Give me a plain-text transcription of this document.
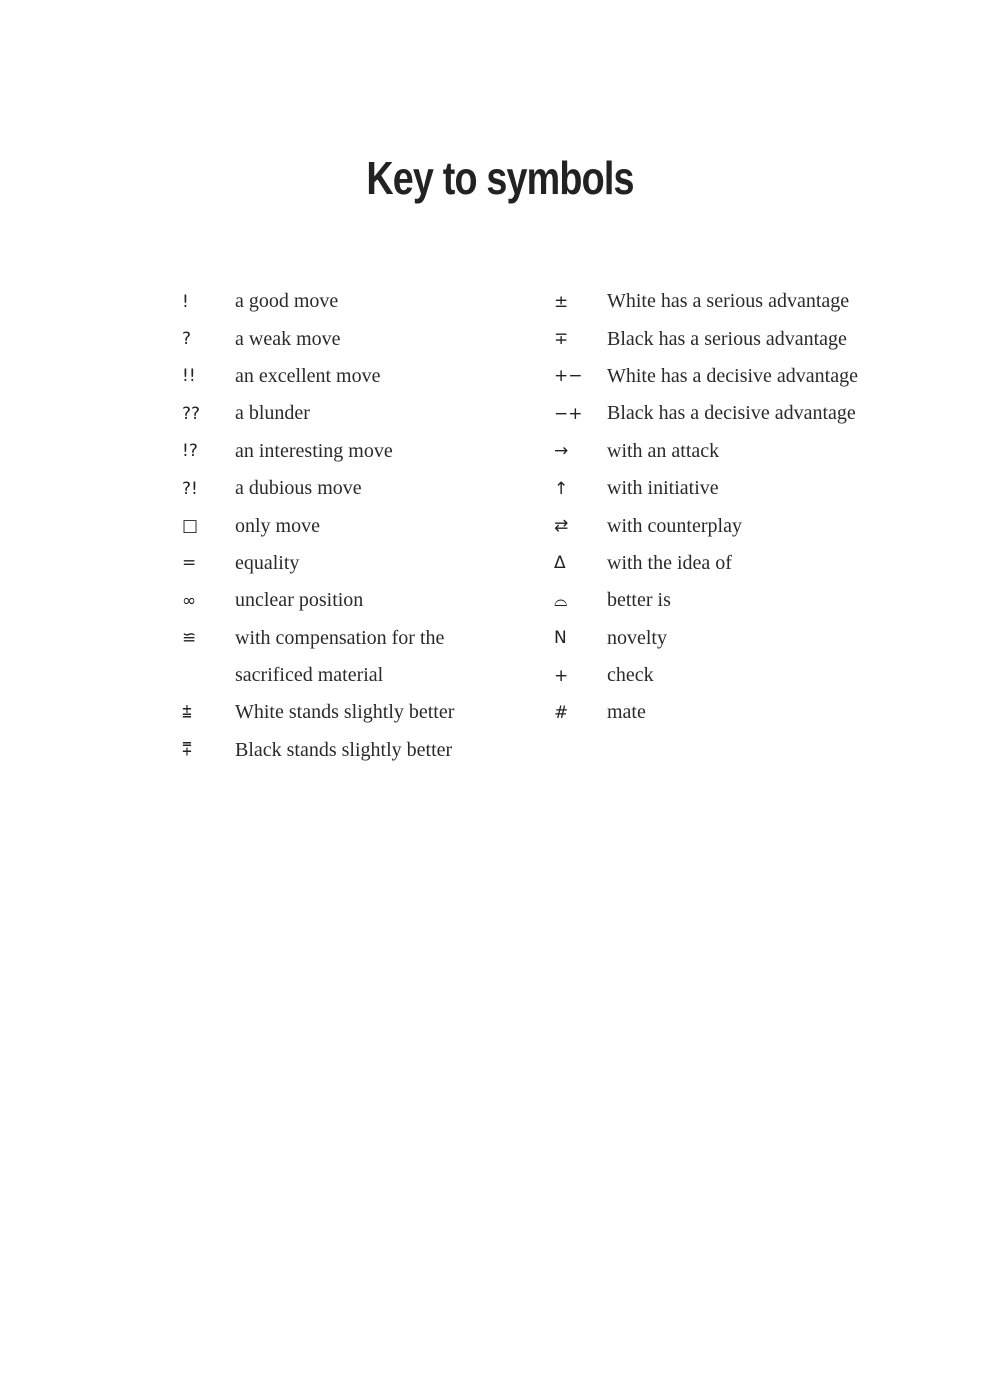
Key to symbols
!	a good move
?	a weak move
!!	an excellent move
??	a blunder
!?	an interesting move
?!	a dubious move
□	only move
=	equality
∞	unclear position
≌	with compensation for the
sacrificed material
⩲	White stands slightly better
⩱	Black stands slightly better
±	White has a serious advantage
∓	Black has a serious advantage
+−	White has a decisive advantage
−+	Black has a decisive advantage
→	with an attack
↑	with initiative
⇄	with counterplay
Δ	with the idea of
⌓	better is
N	novelty
+	check
#	mate
